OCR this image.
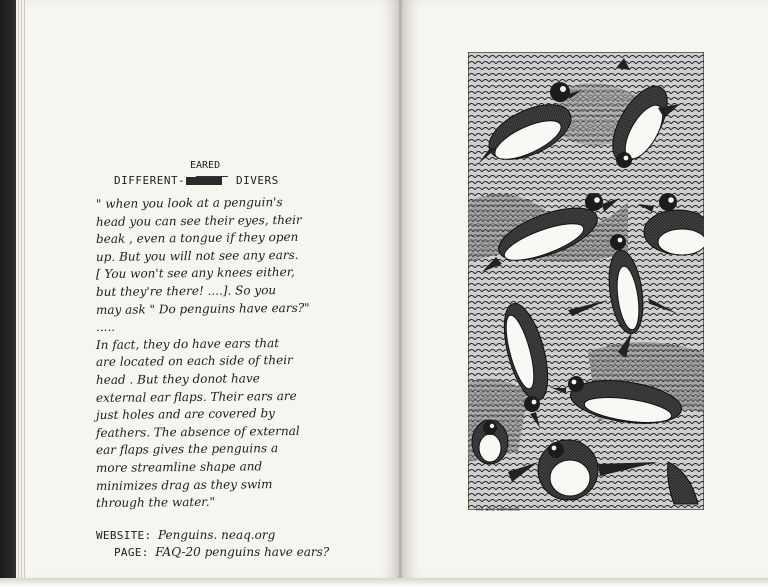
DIFFERENT-
EARED
DIVERS
" when you look at a penguin's
head you can see their eyes, their
beak , even a tongue if they open
up. But you will not see any ears.
[ You won't see any knees either,
but they're there! ....]. So you
may ask " Do penguins have ears?"
.....
In fact, they do have ears that
are located on each side of their
head . But they donot have
external ear flaps. Their ears are
just holes and are covered by
feathers. The absence of external
ear flaps gives the penguins a
more streamline shape and
minimizes drag as they swim
through the water."
WEBSITE: Penguins. neaq.org
PAGE: FAQ-20 penguins have ears?
ink-and-elements
